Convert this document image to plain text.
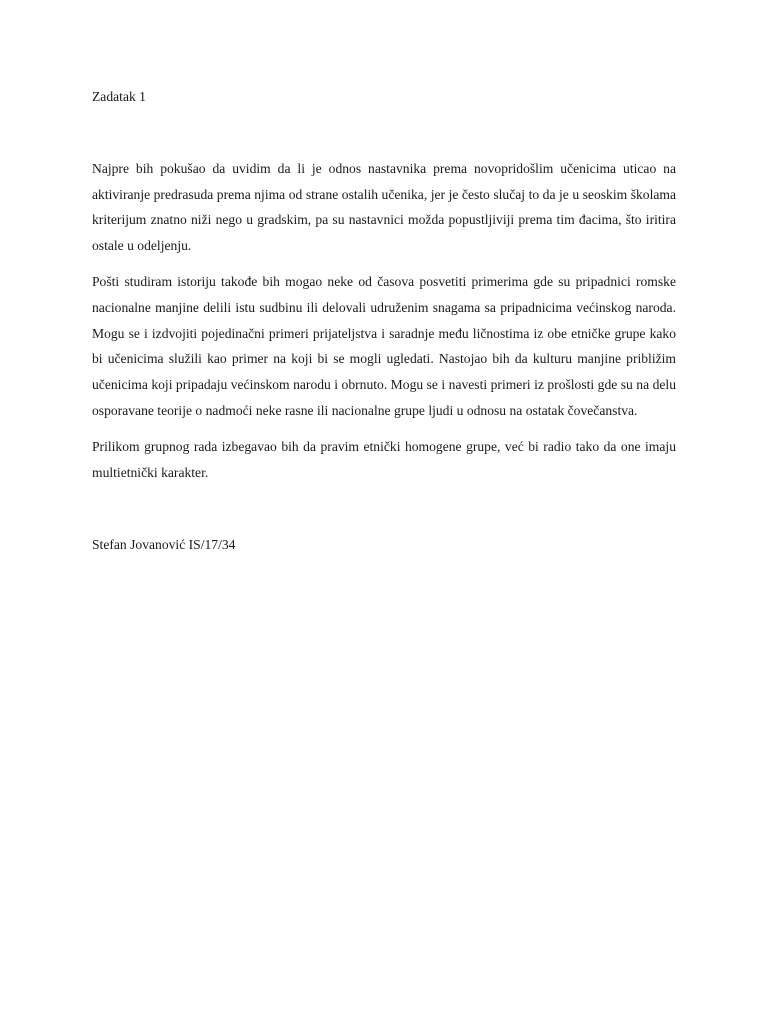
Zadatak 1

Najpre bih pokušao da uvidim da li je odnos nastavnika prema novopridošlim učenicima uticao na aktiviranje predrasuda prema njima od strane ostalih učenika, jer je često slučaj to da je u seoskim školama kriterijum znatno niži nego u gradskim, pa su nastavnici možda popustljiviji prema tim đacima, što iritira ostale u odeljenju.

Pošti studiram istoriju takođe bih mogao neke od časova posvetiti primerima gde su pripadnici romske nacionalne manjine delili istu sudbinu ili delovali udruženim snagama sa pripadnicima većinskog naroda. Mogu se i izdvojiti pojedinačni primeri prijateljstva i saradnje među ličnostima iz obe etničke grupe kako bi učenicima služili kao primer na koji bi se mogli ugledati. Nastojao bih da kulturu manjine približim učenicima koji pripadaju većinskom narodu i obrnuto. Mogu se i navesti primeri iz prošlosti gde su na delu osporavane teorije o nadmoći neke rasne ili nacionalne grupe ljudi u odnosu na ostatak čovečanstva.

Prilikom grupnog rada izbegavao bih da pravim etnički homogene grupe, već bi radio tako da one imaju multietnički karakter.

Stefan Jovanović IS/17/34
